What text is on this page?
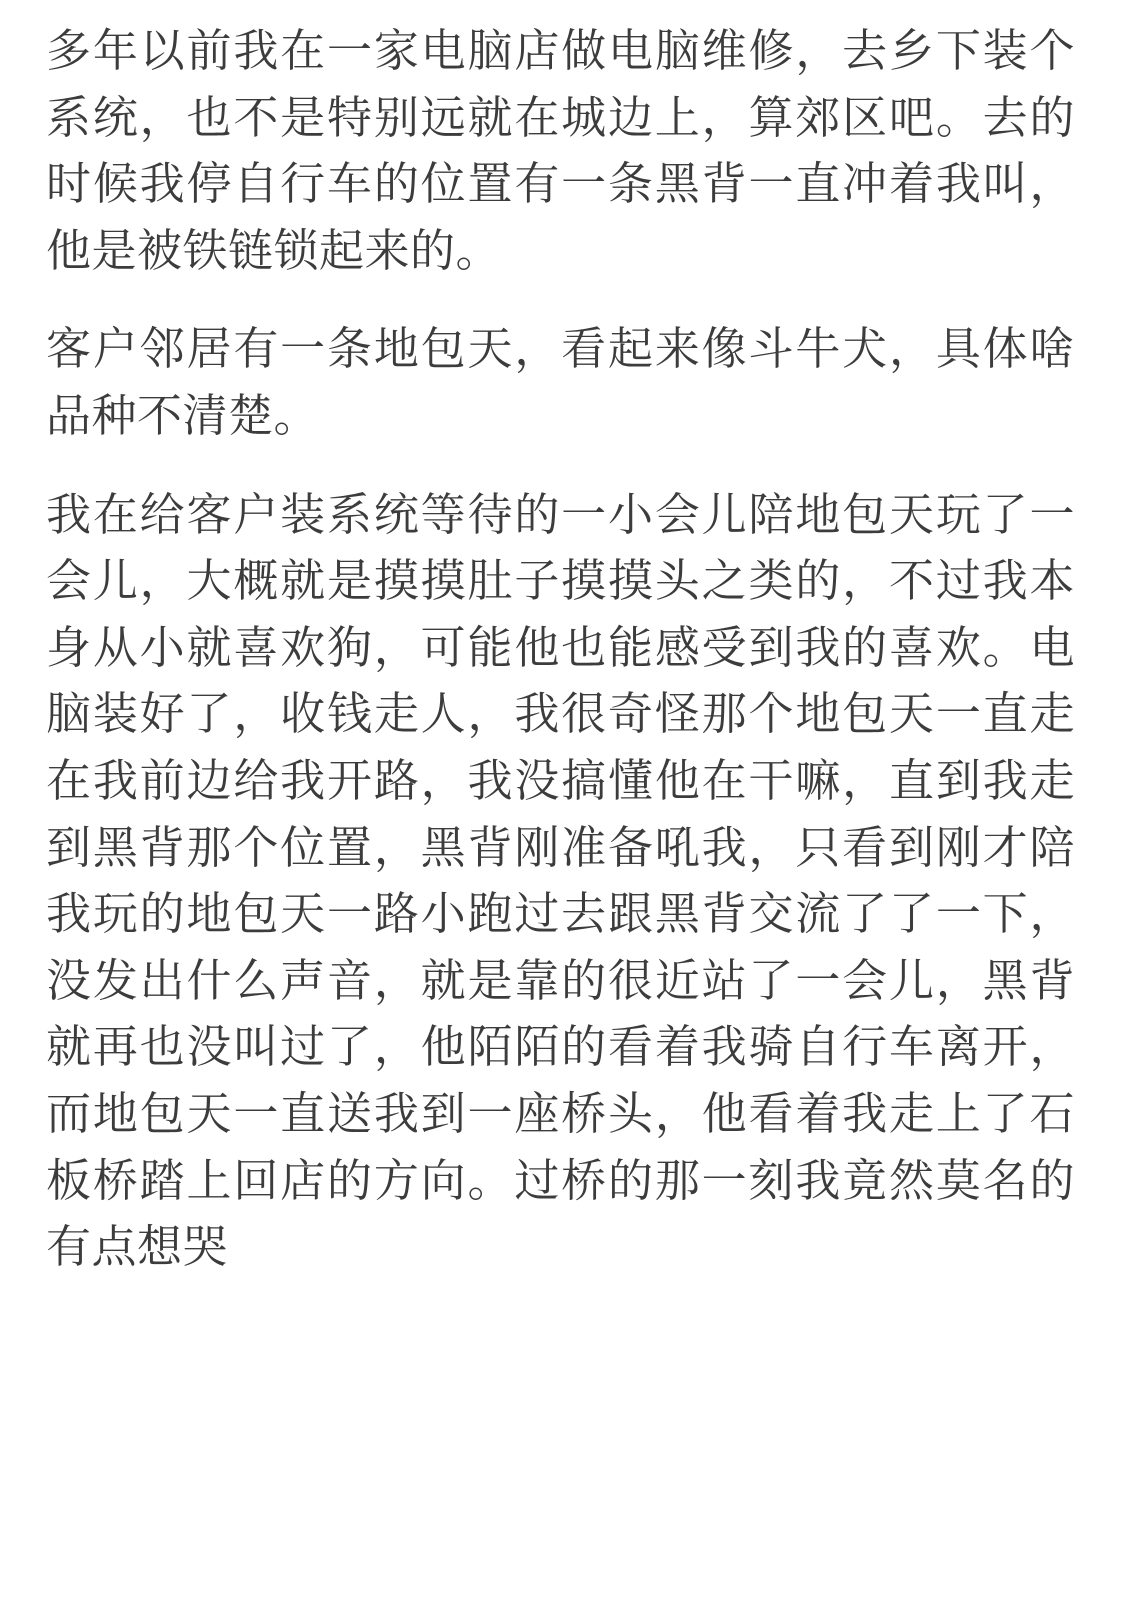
多年以前我在一家电脑店做电脑维修，去乡下装个系统，也不是特别远就在城边上，算郊区吧。去的时候我停自行车的位置有一条黑背一直冲着我叫，他是被铁链锁起来的。

客户邻居有一条地包天，看起来像斗牛犬，具体啥品种不清楚。

我在给客户装系统等待的一小会儿陪地包天玩了一会儿，大概就是摸摸肚子摸摸头之类的，不过我本身从小就喜欢狗，可能他也能感受到我的喜欢。电脑装好了，收钱走人，我很奇怪那个地包天一直走在我前边给我开路，我没搞懂他在干嘛，直到我走到黑背那个位置，黑背刚准备吼我，只看到刚才陪我玩的地包天一路小跑过去跟黑背交流了了一下，没发出什么声音，就是靠的很近站了一会儿，黑背就再也没叫过了，他陌陌的看着我骑自行车离开，而地包天一直送我到一座桥头，他看着我走上了石板桥踏上回店的方向。过桥的那一刻我竟然莫名的有点想哭
